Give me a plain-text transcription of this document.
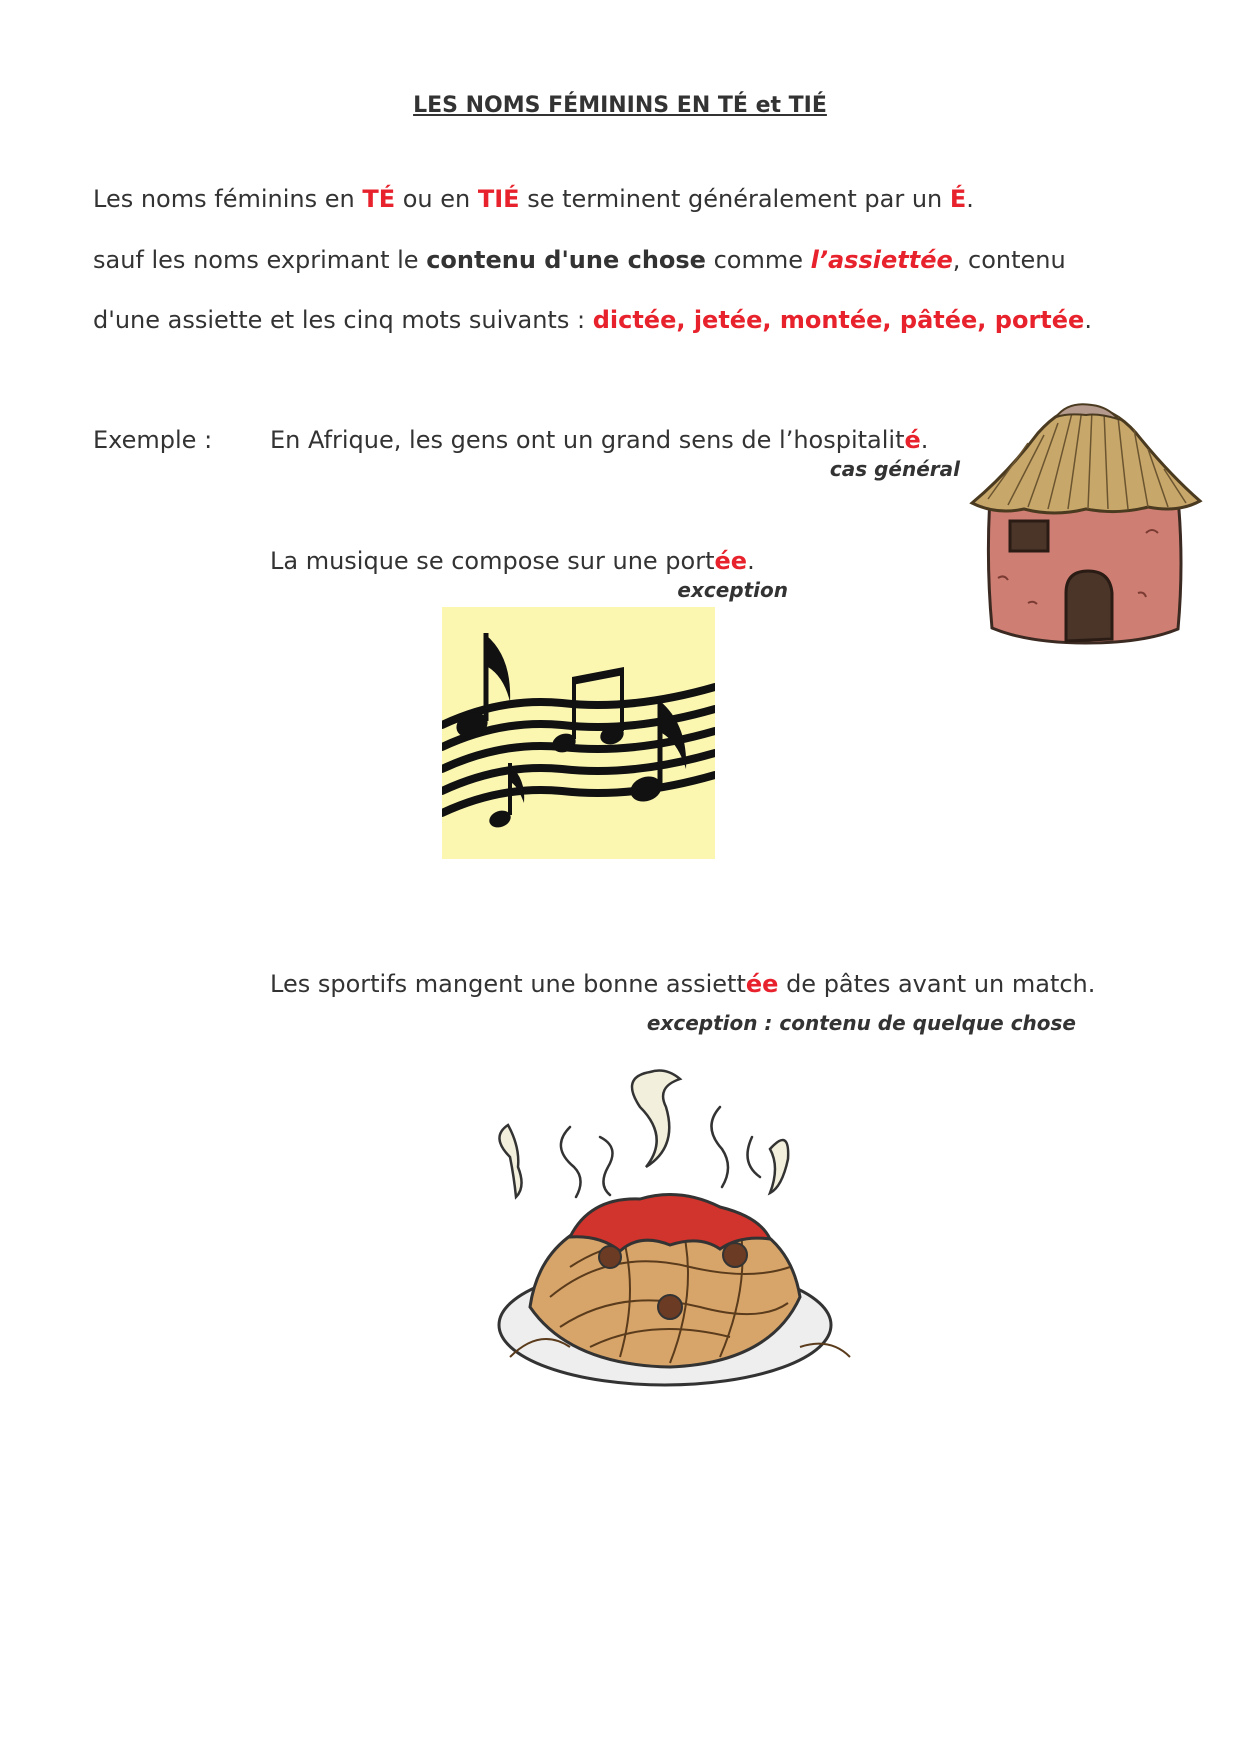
LES NOMS FÉMININS EN TÉ et TIÉ
Les noms féminins en TÉ ou en TIÉ se terminent généralement par un É.
sauf les noms exprimant le contenu d'une chose comme l’assiettée, contenu
d'une assiette et les cinq mots suivants : dictée, jetée, montée, pâtée, portée.
Exemple : En Afrique, les gens ont un grand sens de l’hospitalité.
cas général
La musique se compose sur une portée.
exception
Les sportifs mangent une bonne assiettée de pâtes avant un match.
exception : contenu de quelque chose
